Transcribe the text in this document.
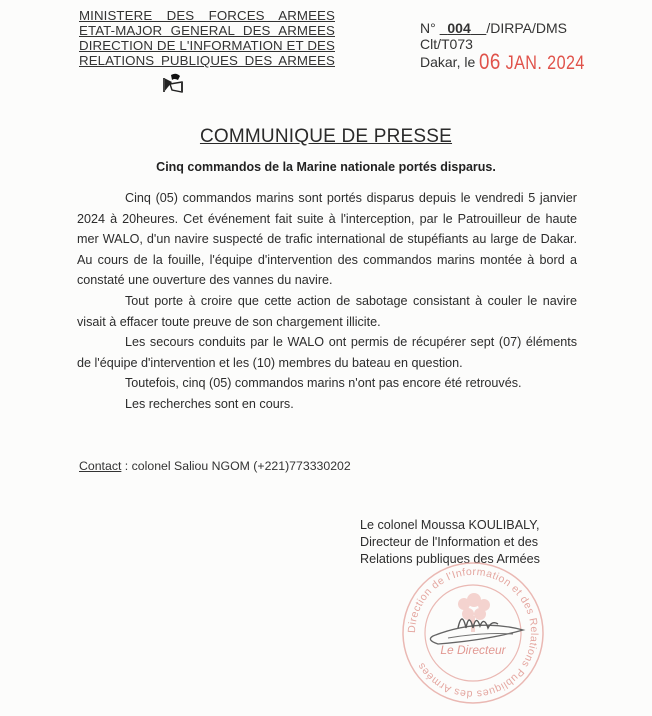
MINISTERE DES FORCES ARMEES
ETAT-MAJOR GENERAL DES ARMEES
DIRECTION DE L'INFORMATION ET DES
RELATIONS PUBLIQUES DES ARMEES
N° 004 /DIRPA/DMS
Clt/T073
Dakar, le 06 JAN. 2024
COMMUNIQUE DE PRESSE
Cinq commandos de la Marine nationale portés disparus.

Cinq (05) commandos marins sont portés disparus depuis le vendredi 5 janvier 2024 à 20heures. Cet événement fait suite à l'interception, par le Patrouilleur de haute mer WALO, d'un navire suspecté de trafic international de stupéfiants au large de Dakar. Au cours de la fouille, l'équipe d'intervention des commandos marins montée à bord a constaté une ouverture des vannes du navire.

Tout porte à croire que cette action de sabotage consistant à couler le navire visait à effacer toute preuve de son chargement illicite.

Les secours conduits par le WALO ont permis de récupérer sept (07) éléments de l'équipe d'intervention et les (10) membres du bateau en question.

Toutefois, cinq (05) commandos marins n'ont pas encore été retrouvés.

Les recherches sont en cours.

Contact : colonel Saliou NGOM (+221)773330202
Le colonel Moussa KOULIBALY,
Directeur de l'Information et des
Relations publiques des Armées
Direction de l'Information et des Relations Publiques des Armées
Le Directeur
